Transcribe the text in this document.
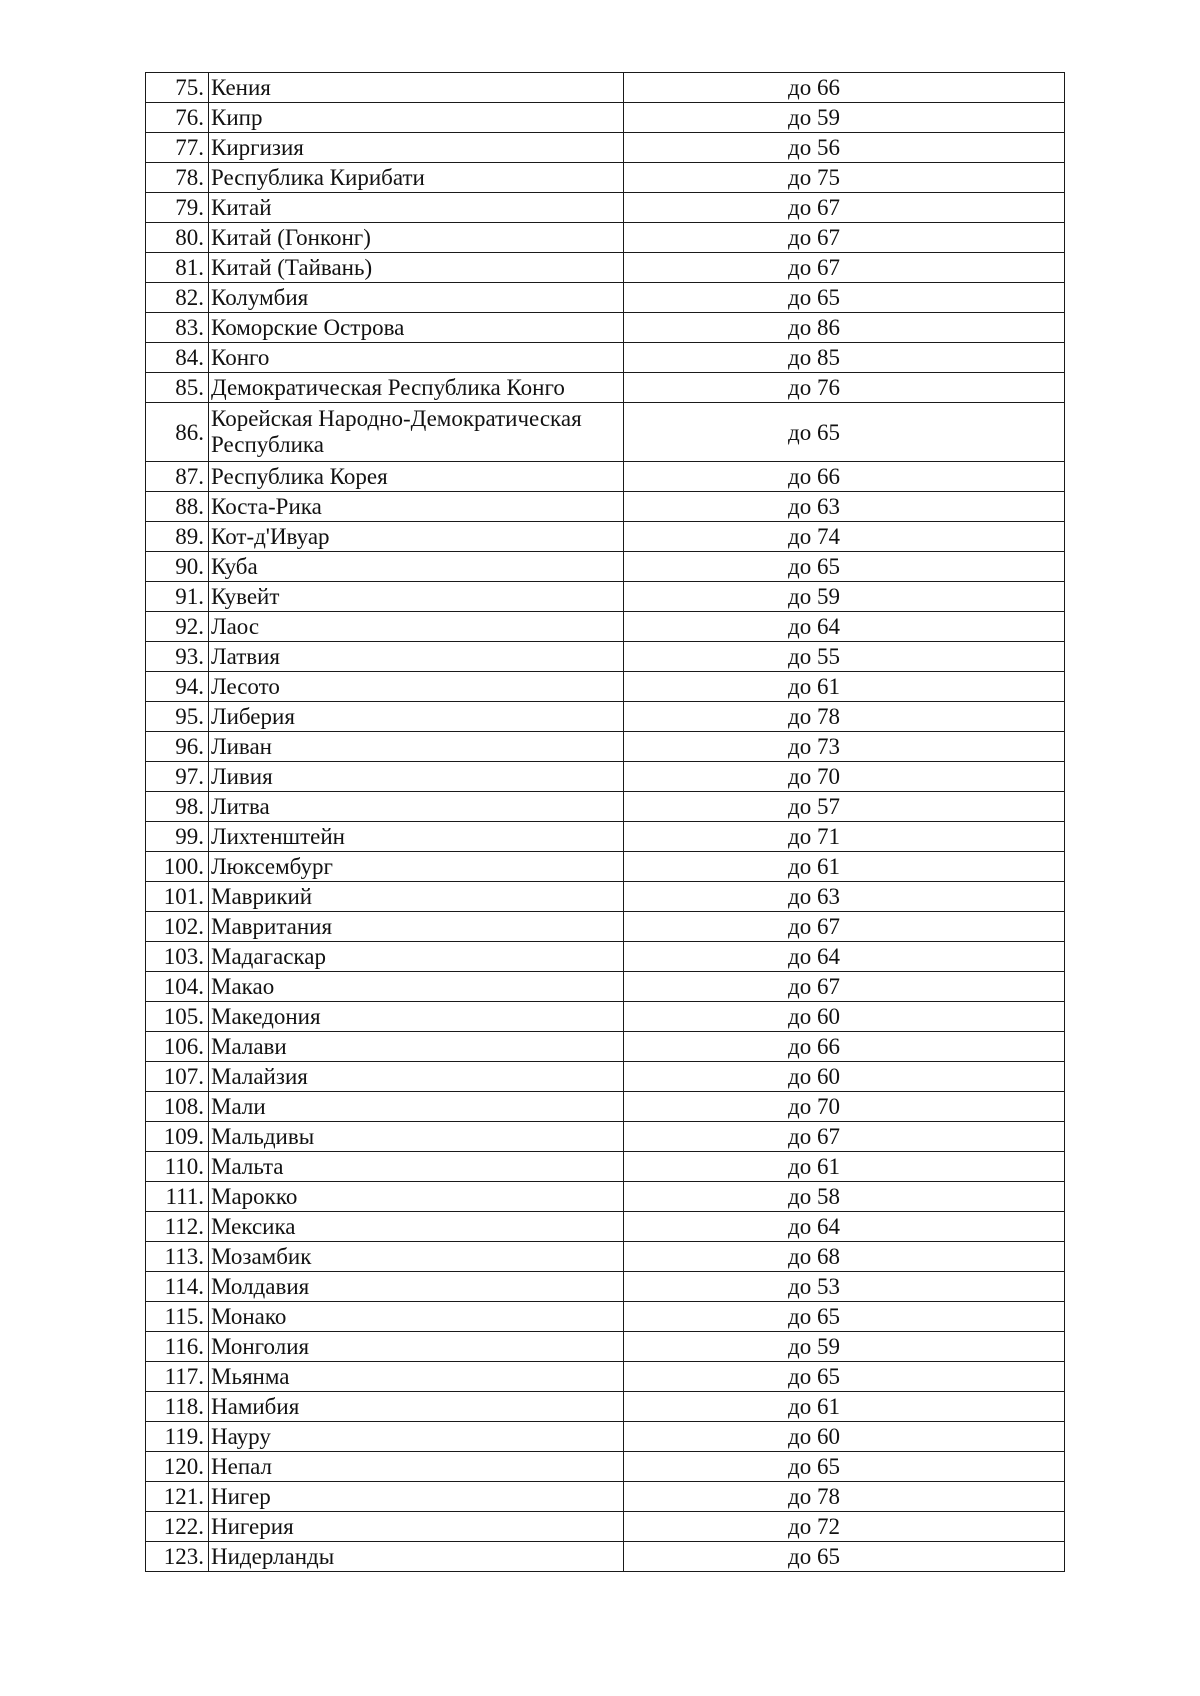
75.	Кения	до 66
76.	Кипр	до 59
77.	Киргизия	до 56
78.	Республика Кирибати	до 75
79.	Китай	до 67
80.	Китай (Гонконг)	до 67
81.	Китай (Тайвань)	до 67
82.	Колумбия	до 65
83.	Коморские Острова	до 86
84.	Конго	до 85
85.	Демократическая Республика Конго	до 76
86.	Корейская Народно-Демократическая Республика	до 65
87.	Республика Корея	до 66
88.	Коста-Рика	до 63
89.	Кот-д'Ивуар	до 74
90.	Куба	до 65
91.	Кувейт	до 59
92.	Лаос	до 64
93.	Латвия	до 55
94.	Лесото	до 61
95.	Либерия	до 78
96.	Ливан	до 73
97.	Ливия	до 70
98.	Литва	до 57
99.	Лихтенштейн	до 71
100.	Люксембург	до 61
101.	Маврикий	до 63
102.	Мавритания	до 67
103.	Мадагаскар	до 64
104.	Макао	до 67
105.	Македония	до 60
106.	Малави	до 66
107.	Малайзия	до 60
108.	Мали	до 70
109.	Мальдивы	до 67
110.	Мальта	до 61
111.	Марокко	до 58
112.	Мексика	до 64
113.	Мозамбик	до 68
114.	Молдавия	до 53
115.	Монако	до 65
116.	Монголия	до 59
117.	Мьянма	до 65
118.	Намибия	до 61
119.	Науру	до 60
120.	Непал	до 65
121.	Нигер	до 78
122.	Нигерия	до 72
123.	Нидерланды	до 65
